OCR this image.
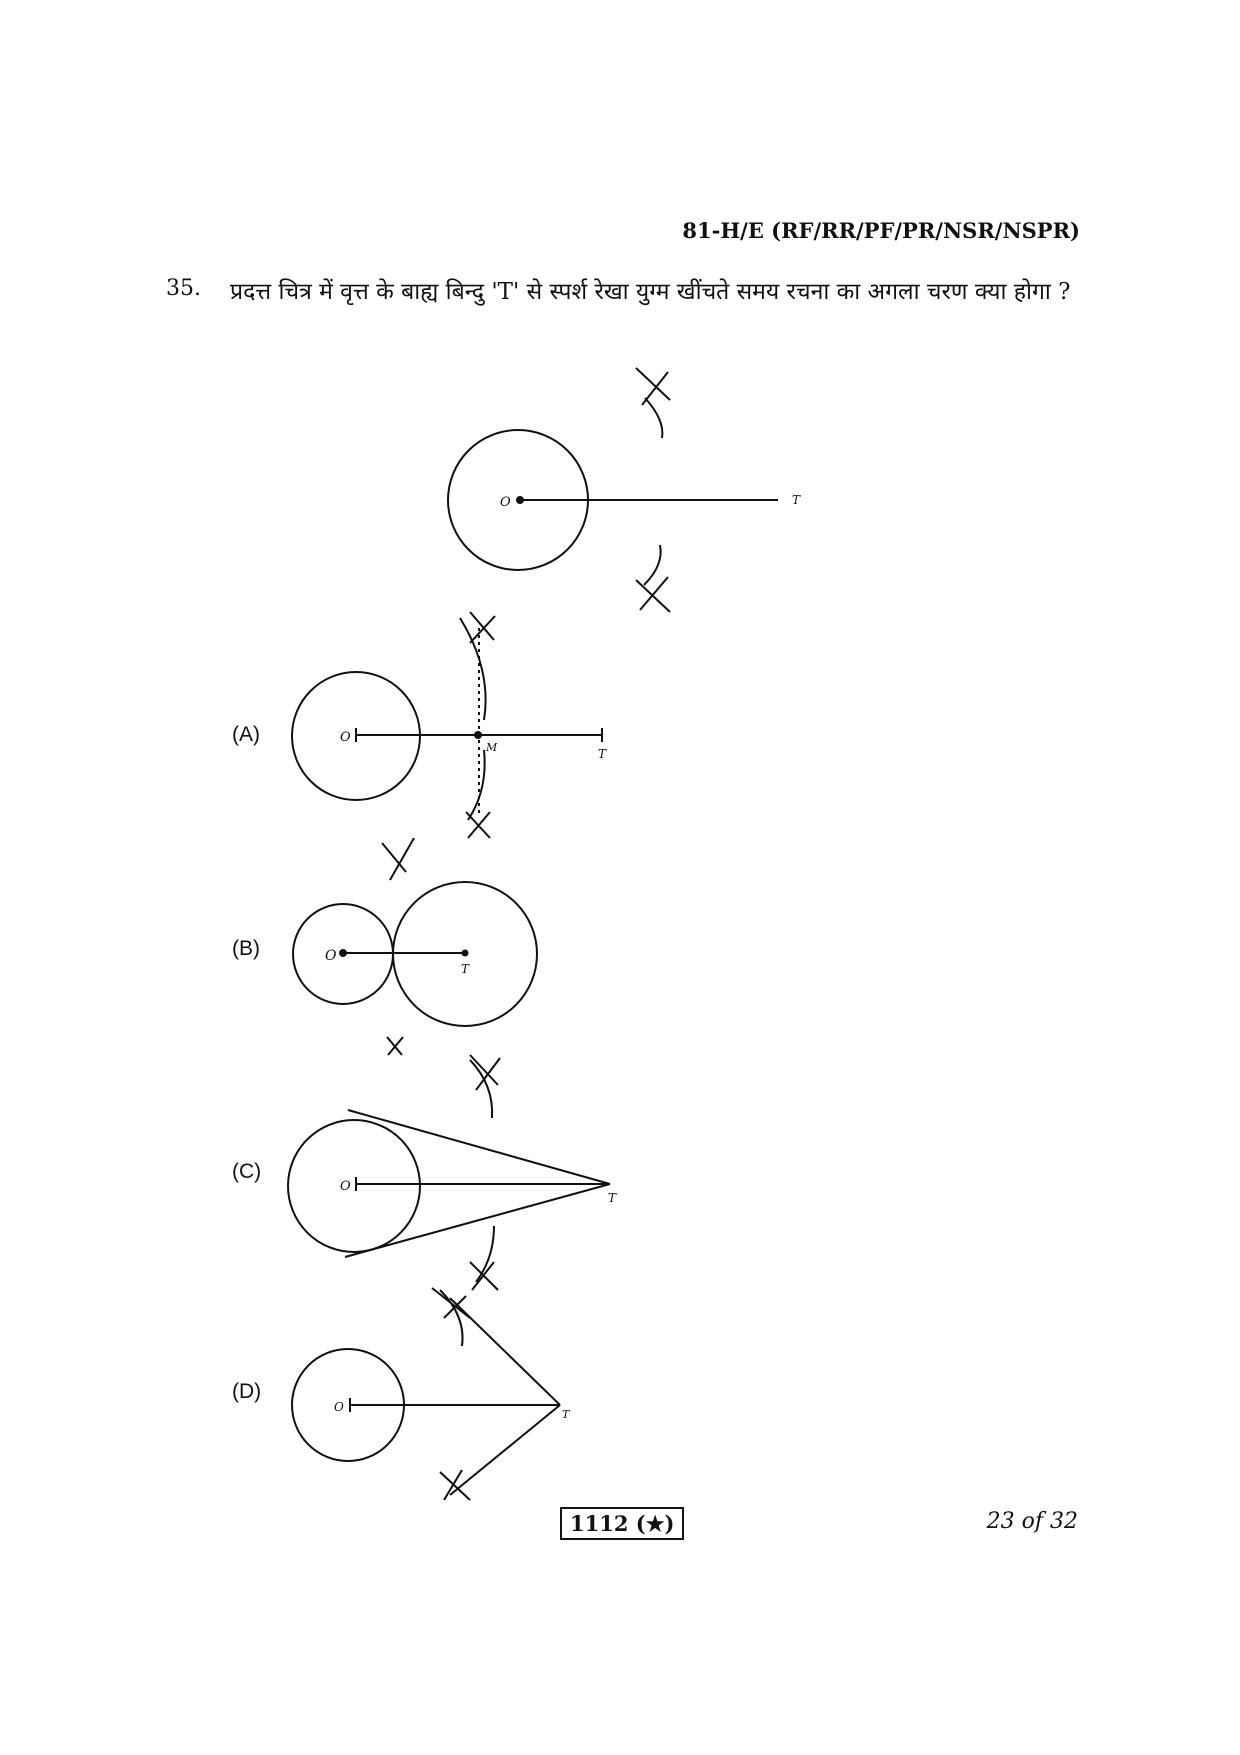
81-H/E (RF/RR/PF/PR/NSR/NSPR)
35. प्रदत्त चित्र में वृत्त के बाह्य बिन्दु 'T' से स्पर्श रेखा युग्म खींचते समय रचना का अगला चरण क्या होगा ?
O	T
O
M	T
O
T
O
T
O
T
(A)
(B)
(C)
(D)
1112 (★)	23 of 32
